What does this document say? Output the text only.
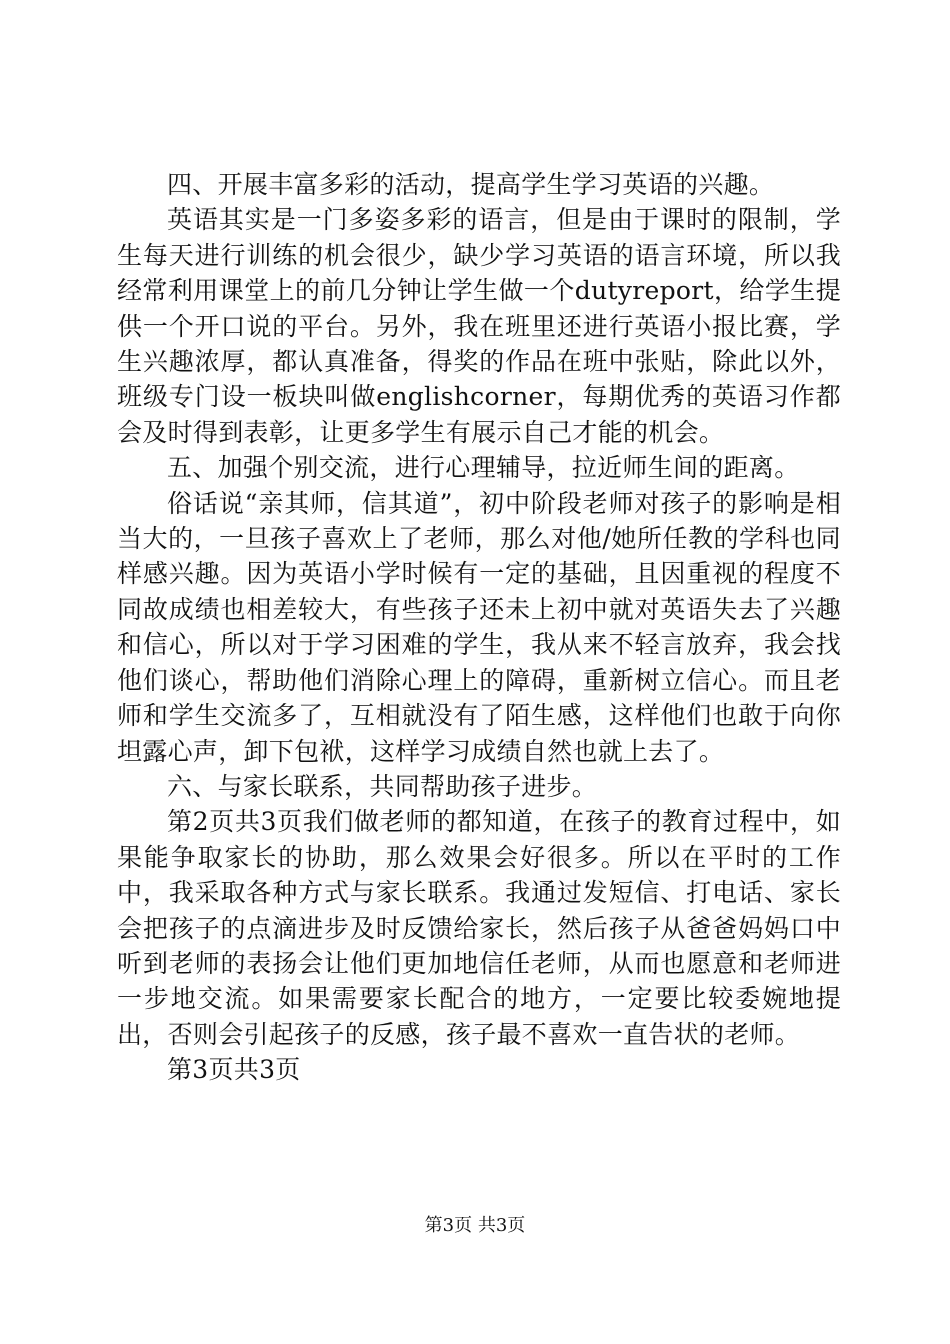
四、开展丰富多彩的活动，提高学生学习英语的兴趣。

英语其实是一门多姿多彩的语言，但是由于课时的限制，学生每天进行训练的机会很少，缺少学习英语的语言环境，所以我经常利用课堂上的前几分钟让学生做一个dutyreport，给学生提供一个开口说的平台。另外，我在班里还进行英语小报比赛，学生兴趣浓厚，都认真准备，得奖的作品在班中张贴，除此以外，班级专门设一板块叫做englishcorner，每期优秀的英语习作都会及时得到表彰，让更多学生有展示自己才能的机会。

五、加强个别交流，进行心理辅导，拉近师生间的距离。

俗话说“亲其师，信其道”，初中阶段老师对孩子的影响是相当大的，一旦孩子喜欢上了老师，那么对他/她所任教的学科也同样感兴趣。因为英语小学时候有一定的基础，且因重视的程度不同故成绩也相差较大，有些孩子还未上初中就对英语失去了兴趣和信心，所以对于学习困难的学生，我从来不轻言放弃，我会找他们谈心，帮助他们消除心理上的障碍，重新树立信心。而且老师和学生交流多了，互相就没有了陌生感，这样他们也敢于向你坦露心声，卸下包袱，这样学习成绩自然也就上去了。

六、与家长联系，共同帮助孩子进步。

第2页共3页我们做老师的都知道，在孩子的教育过程中，如果能争取家长的协助，那么效果会好很多。所以在平时的工作中，我采取各种方式与家长联系。我通过发短信、打电话、家长会把孩子的点滴进步及时反馈给家长，然后孩子从爸爸妈妈口中听到老师的表扬会让他们更加地信任老师，从而也愿意和老师进一步地交流。如果需要家长配合的地方，一定要比较委婉地提出，否则会引起孩子的反感，孩子最不喜欢一直告状的老师。

第3页共3页

第3页 共3页
